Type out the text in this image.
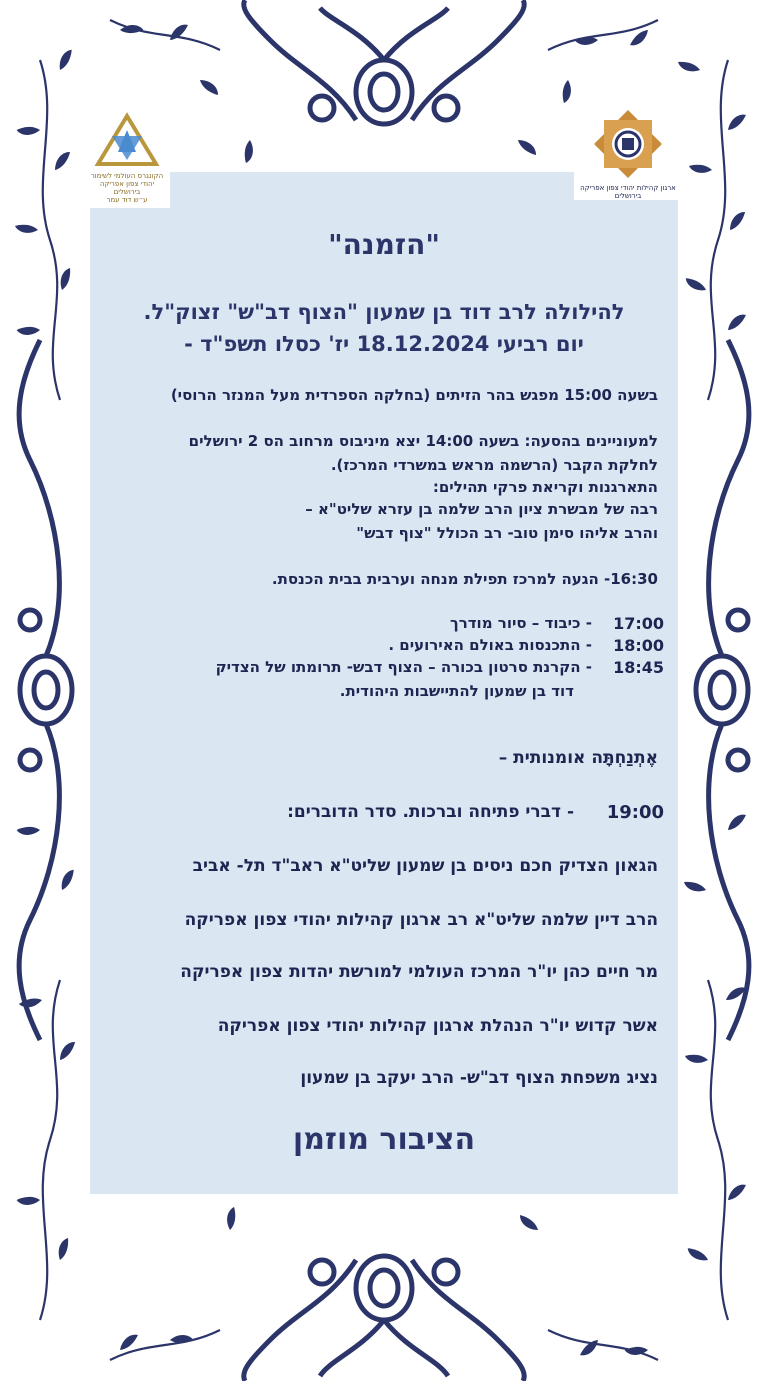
הקונגרס העולמי לשימור
יהודי צפון אפריקה בירושלים
ע״ש דוד עמר
ארגון קהילות יהודי צפון אפריקה בירושלים
"הזמנה"
להילולה לרב דוד בן שמעון "הצוף דב"ש" זצוק"ל.
יום רביעי 18.12.2024 יז' כסלו תשפ"ד -
בשעה 15:00 מפגש בהר הזיתים (בחלקה הספרדית מעל המנזר הרוסי)
למעוניינים בהסעה: בשעה 14:00 יצא מיניבוס מרחוב הס 2 ירושלים
לחלקת הקבר (הרשמה מראש במשרדי המרכז).
התארגנות וקריאת פרקי תהילים:
רבה של מבשרת ציון הרב שלמה בן עזרא שליט"א –
והרב אליהו סימן טוב- רב הכולל "צוף דבש"
16:30- הגעה למרכז תפילת מנחה וערבית בבית הכנסת.
17:00
- כיבוד – סיור מודרך
18:00
- התכנסות באולם האירועים .
18:45
- הקרנת סרטון בכורה – הצוף דבש- תרומתו של הצדיק
דוד בן שמעון להתיישבות היהודית.
אֶתְנַחְתָּה אומנותית –
19:00
- דברי פתיחה וברכות. סדר הדוברים:
הגאון הצדיק חכם ניסים בן שמעון שליט"א ראב"ד תל- אביב
הרב דיין שלמה שליט"א רב ארגון קהילות יהודי צפון אפריקה
מר חיים כהן יו"ר המרכז העולמי למורשת יהדות צפון אפריקה
אשר קדוש יו"ר הנהלת ארגון קהילות יהודי צפון אפריקה
נציג משפחת הצוף דב"ש- הרב יעקב בן שמעון
הציבור מוזמן
